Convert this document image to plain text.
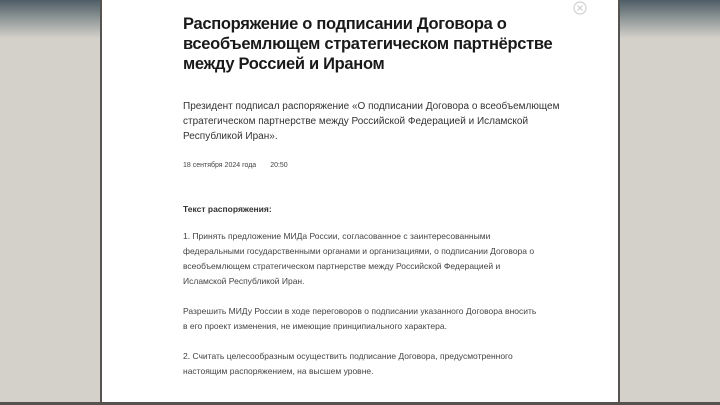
Распоряжение о подписании Договора о всеобъемлющем стратегическом партнёрстве между Россией и Ираном
Президент подписал распоряжение «О подписании Договора о всеобъемлющем стратегическом партнерстве между Российской Федерацией и Исламской Республикой Иран».
18 сентября 2024 года 20:50
Текст распоряжения:

1. Принять предложение МИДа России, согласованное с заинтересованными федеральными государственными органами и организациями, о подписании Договора о всеобъемлющем стратегическом партнерстве между Российской Федерацией и Исламской Республикой Иран.

Разрешить МИДу России в ходе переговоров о подписании указанного Договора вносить в его проект изменения, не имеющие принципиального характера.

2. Считать целесообразным осуществить подписание Договора, предусмотренного настоящим распоряжением, на высшем уровне.
